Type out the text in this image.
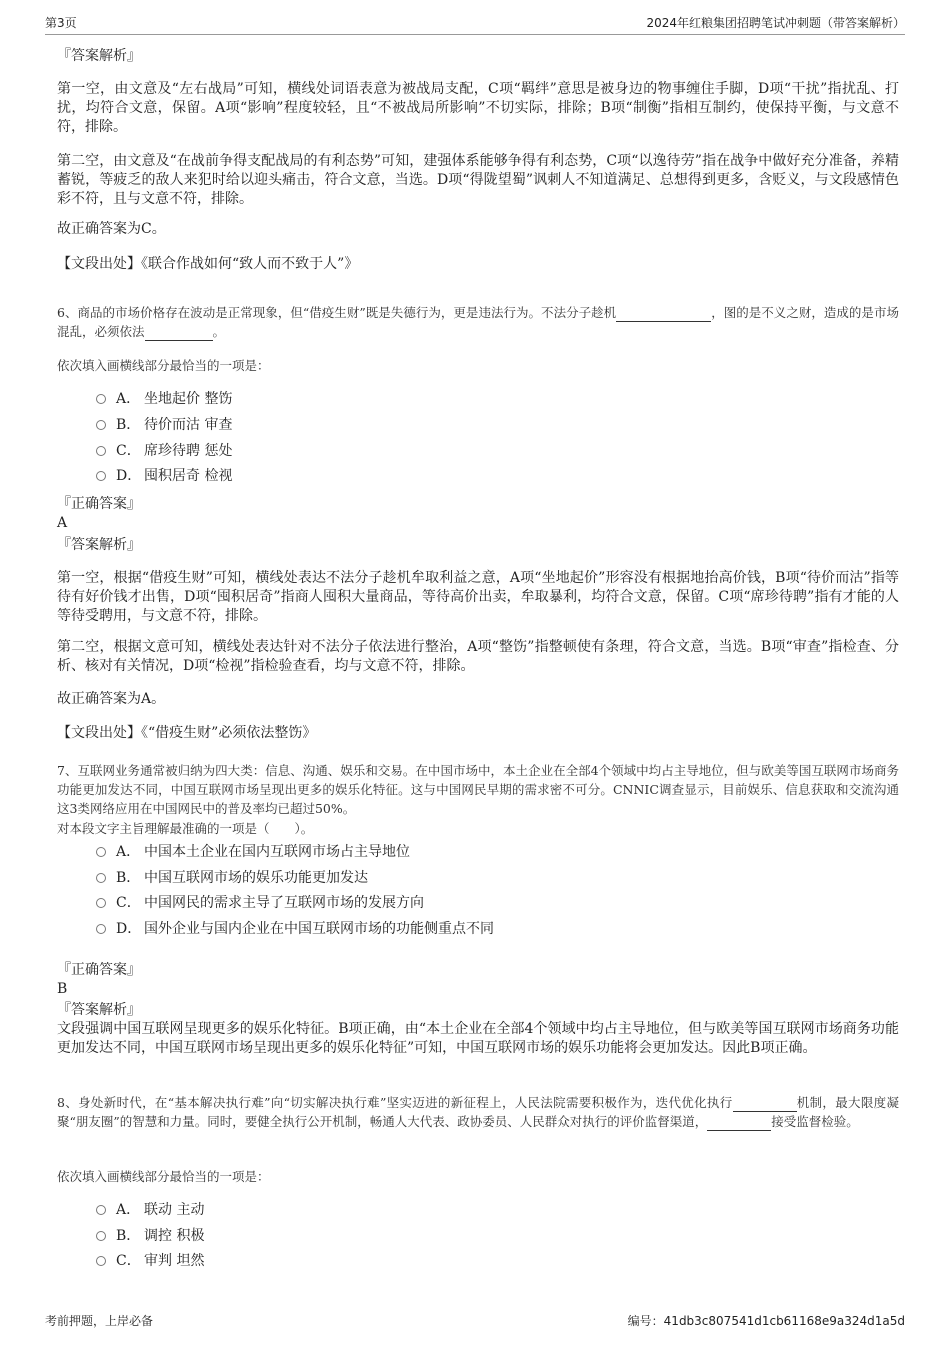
第3页	2024年红粮集团招聘笔试冲刺题（带答案解析）
『答案解析』
第一空，由文意及“左右战局”可知，横线处词语表意为被战局支配，C项“羁绊”意思是被身边的物事缠住手脚，D项“干扰”指扰乱、打扰，均符合文意，保留。A项“影响”程度较轻，且“不被战局所影响”不切实际，排除；B项“制衡”指相互制约，使保持平衡，与文意不符，排除。
第二空，由文意及“在战前争得支配战局的有利态势”可知，建强体系能够争得有利态势，C项“以逸待劳”指在战争中做好充分准备，养精蓄锐，等疲乏的敌人来犯时给以迎头痛击，符合文意，当选。D项“得陇望蜀”讽刺人不知道满足、总想得到更多，含贬义，与文段感情色彩不符，且与文意不符，排除。
故正确答案为C。
【文段出处】《联合作战如何“致人而不致于人”》
6、商品的市场价格存在波动是正常现象，但“借疫生财”既是失德行为，更是违法行为。不法分子趁机	，图的是不义之财，造成的是市场混乱，必须依法	。
依次填入画横线部分最恰当的一项是：
A． 坐地起价 整饬
B． 待价而沽 审查
C． 席珍待聘 惩处
D． 囤积居奇 检视
『正确答案』
A
『答案解析』
第一空，根据“借疫生财”可知，横线处表达不法分子趁机牟取利益之意，A项“坐地起价”形容没有根据地抬高价钱，B项“待价而沽”指等待有好价钱才出售，D项“囤积居奇”指商人囤积大量商品，等待高价出卖，牟取暴利，均符合文意，保留。C项“席珍待聘”指有才能的人等待受聘用，与文意不符，排除。
第二空，根据文意可知，横线处表达针对不法分子依法进行整治，A项“整饬”指整顿使有条理，符合文意，当选。B项“审查”指检查、分析、核对有关情况，D项“检视”指检验查看，均与文意不符，排除。
故正确答案为A。
【文段出处】《“借疫生财”必须依法整饬》
7、互联网业务通常被归纳为四大类：信息、沟通、娱乐和交易。在中国市场中，本土企业在全部4个领域中均占主导地位，但与欧美等国互联网市场商务功能更加发达不同，中国互联网市场呈现出更多的娱乐化特征。这与中国网民早期的需求密不可分。CNNIC调查显示，目前娱乐、信息获取和交流沟通这3类网络应用在中国网民中的普及率均已超过50%。
对本段文字主旨理解最准确的一项是（　　）。
A． 中国本土企业在国内互联网市场占主导地位
B． 中国互联网市场的娱乐功能更加发达
C． 中国网民的需求主导了互联网市场的发展方向
D． 国外企业与国内企业在中国互联网市场的功能侧重点不同
『正确答案』
B
『答案解析』
文段强调中国互联网呈现更多的娱乐化特征。B项正确，由“本土企业在全部4个领域中均占主导地位，但与欧美等国互联网市场商务功能更加发达不同，中国互联网市场呈现出更多的娱乐化特征”可知，中国互联网市场的娱乐功能将会更加发达。因此B项正确。
8、身处新时代，在“基本解决执行难”向“切实解决执行难”坚实迈进的新征程上，人民法院需要积极作为，迭代优化执行	机制，最大限度凝聚“朋友圈”的智慧和力量。同时，要健全执行公开机制，畅通人大代表、政协委员、人民群众对执行的评价监督渠道，	接受监督检验。
依次填入画横线部分最恰当的一项是：
A． 联动 主动
B． 调控 积极
C． 审判 坦然
考前押题，上岸必备	编号：41db3c807541d1cb61168e9a324d1a5d
